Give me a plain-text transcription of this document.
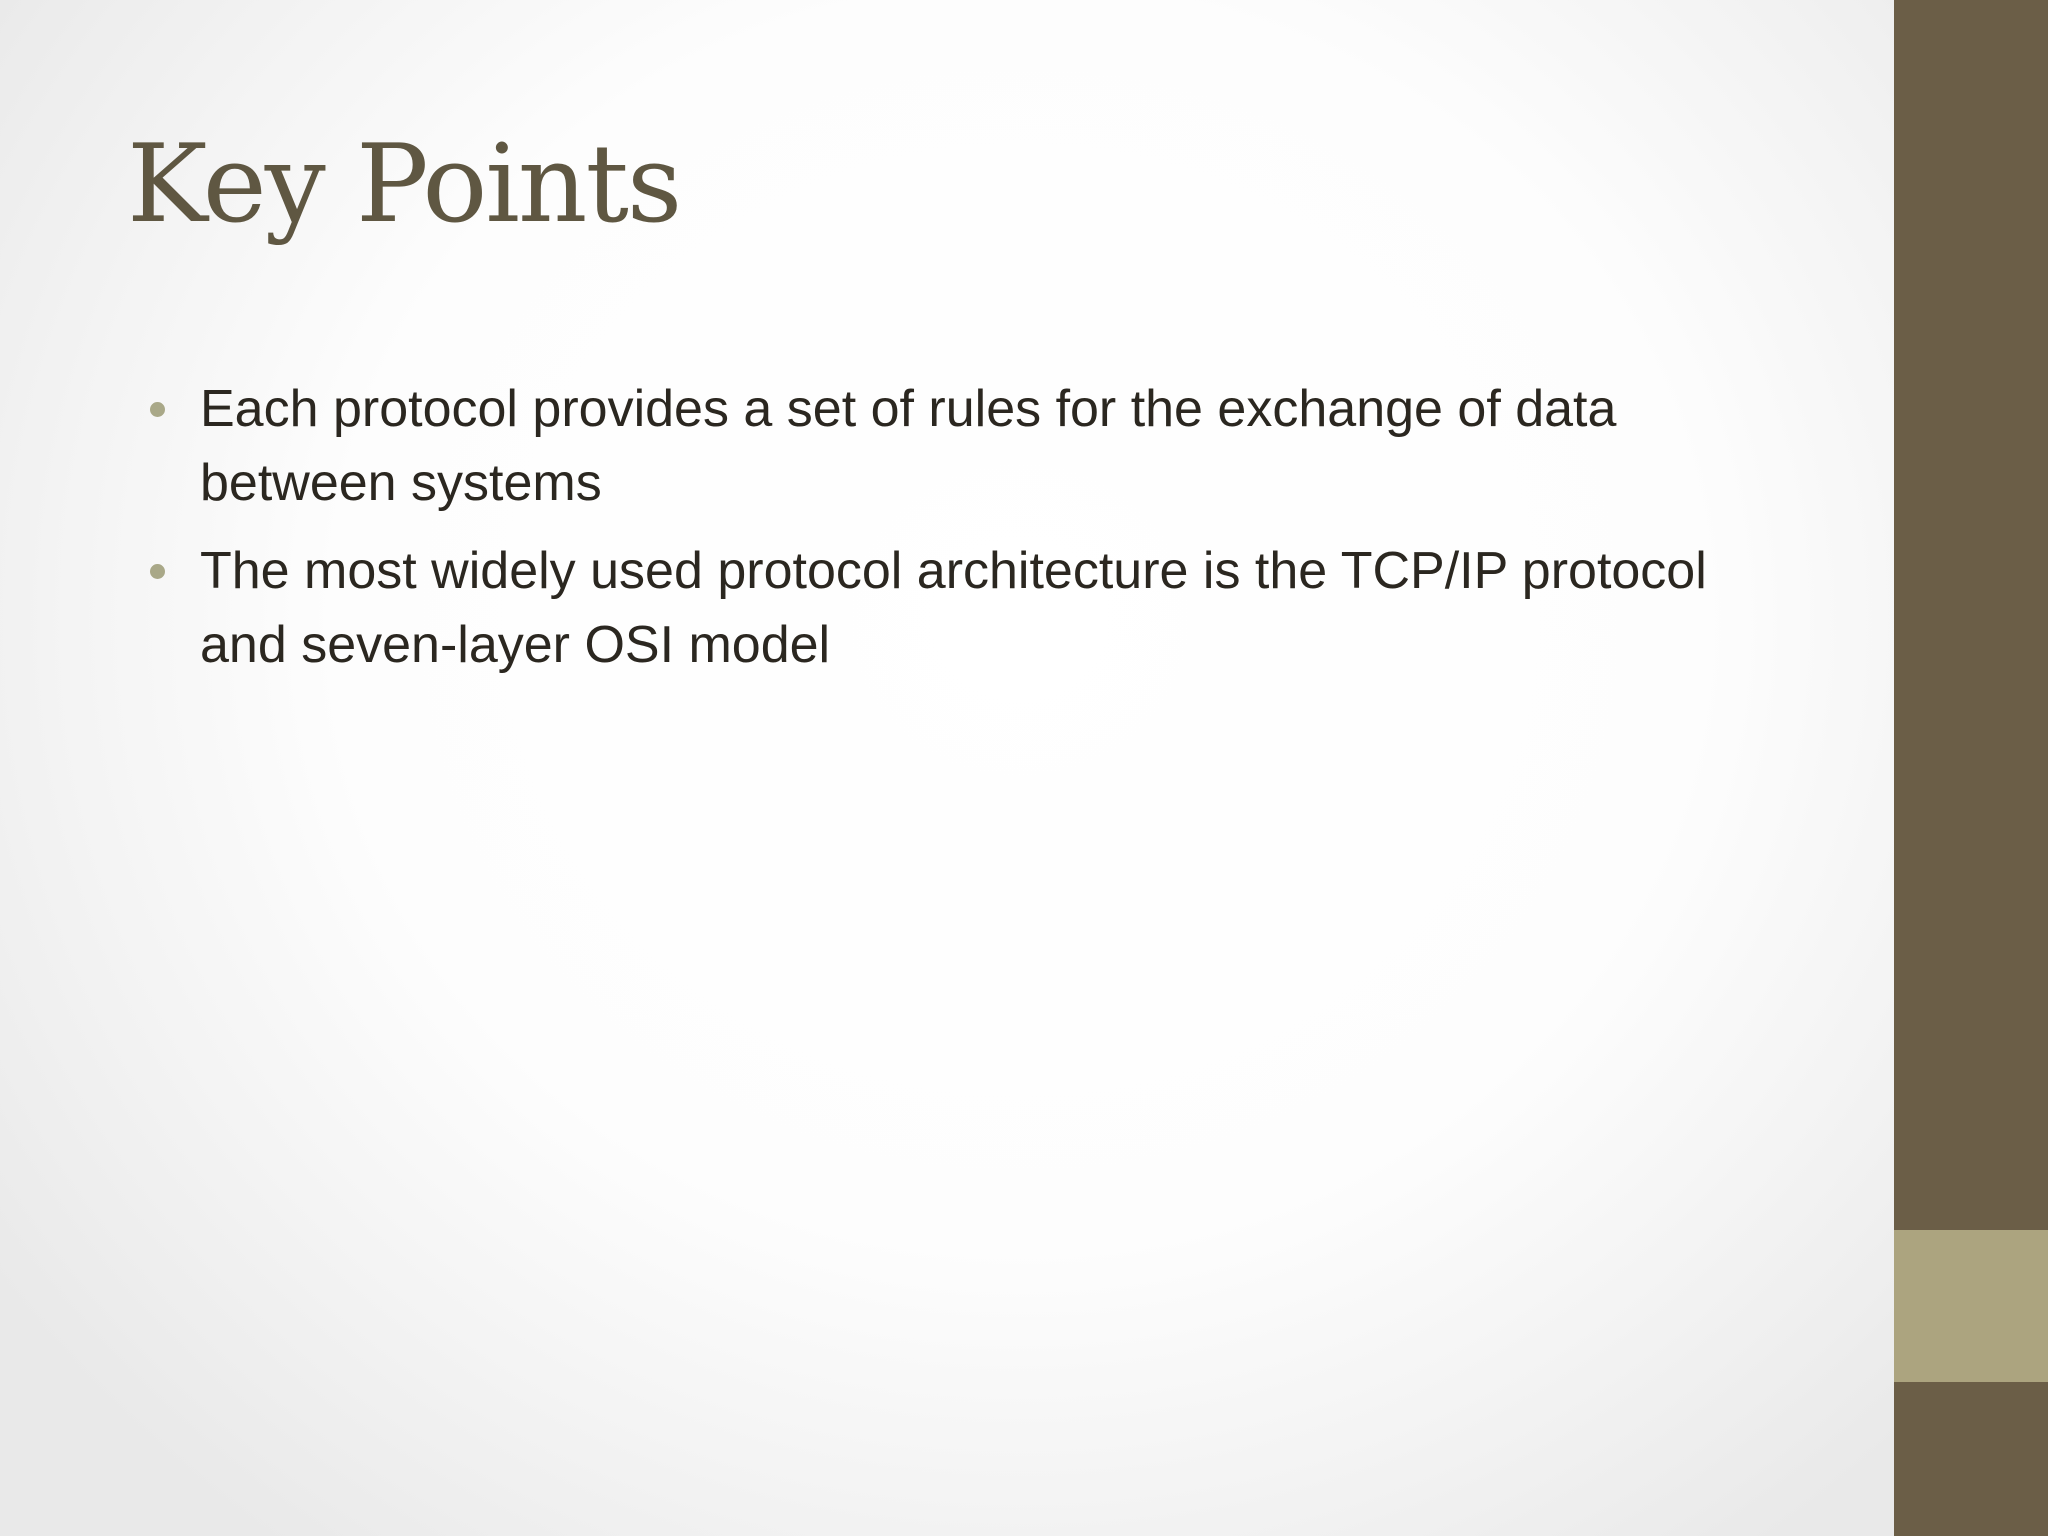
Key Points
Each protocol provides a set of rules for the exchange of data between systems
The most widely used protocol architecture is the TCP/IP protocol and seven-layer OSI model
